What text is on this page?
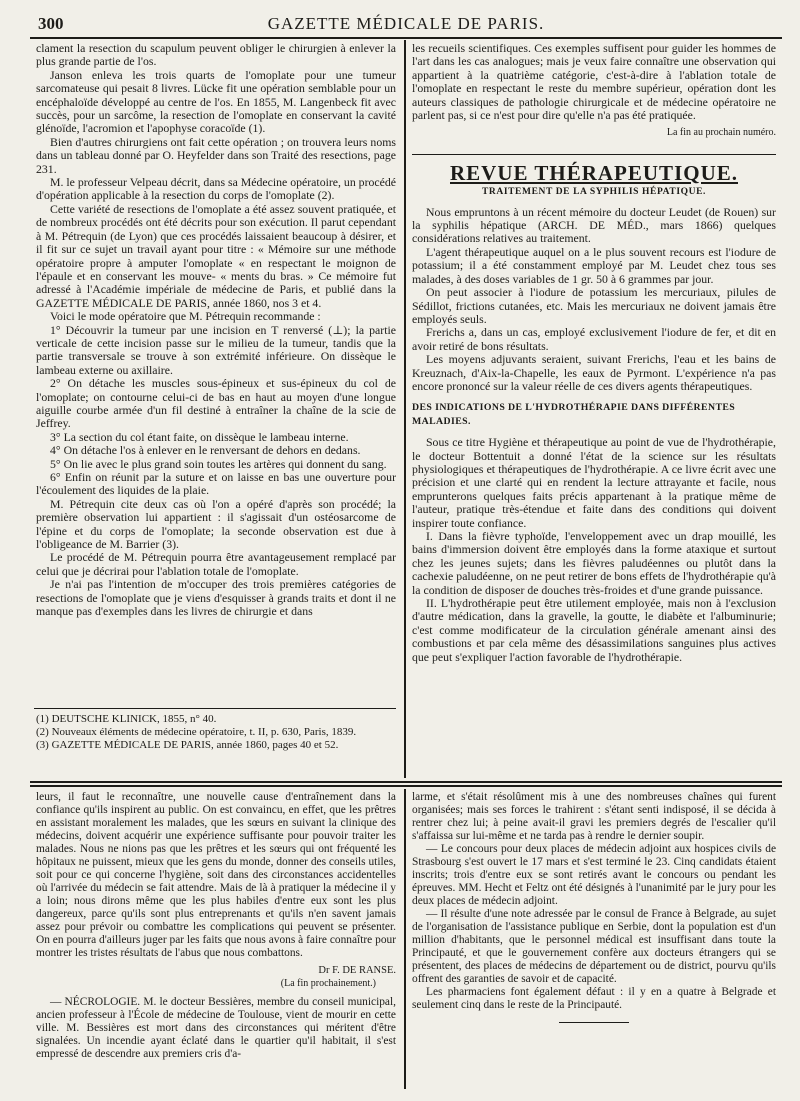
300	GAZETTE MÉDICALE DE PARIS.

clament la resection du scapulum peuvent obliger le chirurgien à enlever la plus grande partie de l'os.

Janson enleva les trois quarts de l'omoplate pour une tumeur sarcomateuse qui pesait 8 livres. Lücke fit une opération semblable pour un encéphaloïde développé au centre de l'os. En 1855, M. Langenbeck fit avec succès, pour un sarcôme, la resection de l'omoplate en conservant la cavité glénoïde, l'acromion et l'apophyse coracoïde (1).

Bien d'autres chirurgiens ont fait cette opération ; on trouvera leurs noms dans un tableau donné par O. Heyfelder dans son Traité des resections, page 231.

M. le professeur Velpeau décrit, dans sa Médecine opératoire, un procédé d'opération applicable à la resection du corps de l'omoplate (2).

Cette variété de resections de l'omoplate a été assez souvent pratiquée, et de nombreux procédés ont été décrits pour son exécution. Il parut cependant à M. Pétrequin (de Lyon) que ces procédés laissaient beaucoup à désirer, et il fit sur ce sujet un travail ayant pour titre : « Mémoire sur une méthode opératoire propre à amputer l'omoplate « en respectant le moignon de l'épaule et en conservant les mouve- « ments du bras. » Ce mémoire fut adressé à l'Académie impériale de médecine de Paris, et publié dans la GAZETTE MÉDICALE DE PARIS, année 1860, nos 3 et 4.

Voici le mode opératoire que M. Pétrequin recommande :

1° Découvrir la tumeur par une incision en T renversé (⊥); la partie verticale de cette incision passe sur le milieu de la tumeur, tandis que la partie transversale se trouve à son extrémité inférieure. On dissèque le lambeau externe ou axillaire.

2° On détache les muscles sous-épineux et sus-épineux du col de l'omoplate; on contourne celui-ci de bas en haut au moyen d'une longue aiguille courbe armée d'un fil destiné à entraîner la chaîne de la scie de Jeffrey.

3° La section du col étant faite, on dissèque le lambeau interne.

4° On détache l'os à enlever en le renversant de dehors en dedans.

5° On lie avec le plus grand soin toutes les artères qui donnent du sang.

6° Enfin on réunit par la suture et on laisse en bas une ouverture pour l'écoulement des liquides de la plaie.

M. Pétrequin cite deux cas où l'on a opéré d'après son procédé; la première observation lui appartient : il s'agissait d'un ostéosarcome de l'épine et du corps de l'omoplate; la seconde observation est due à l'obligeance de M. Barrier (3).

Le procédé de M. Pétrequin pourra être avantageusement remplacé par celui que je décrirai pour l'ablation totale de l'omoplate.

Je n'ai pas l'intention de m'occuper des trois premières catégories de resections de l'omoplate que je viens d'esquisser à grands traits et dont il ne manque pas d'exemples dans les livres de chirurgie et dans

(1) DEUTSCHE KLINICK, 1855, n° 40.

(2) Nouveaux éléments de médecine opératoire, t. II, p. 630, Paris, 1839.

(3) GAZETTE MÉDICALE DE PARIS, année 1860, pages 40 et 52.

les recueils scientifiques. Ces exemples suffisent pour guider les hommes de l'art dans les cas analogues; mais je veux faire connaître une observation qui appartient à la quatrième catégorie, c'est-à-dire à l'ablation totale de l'omoplate en respectant le reste du membre supérieur, opération dont les auteurs classiques de pathologie chirurgicale et de médecine opératoire ne parlent pas, si ce n'est pour dire qu'elle n'a pas été pratiquée.

La fin au prochain numéro.
REVUE THÉRAPEUTIQUE.
TRAITEMENT DE LA SYPHILIS HÉPATIQUE.

Nous empruntons à un récent mémoire du docteur Leudet (de Rouen) sur la syphilis hépatique (ARCH. DE MÉD., mars 1866) quelques considérations relatives au traitement.

L'agent thérapeutique auquel on a le plus souvent recours est l'iodure de potassium; il a été constamment employé par M. Leudet chez tous ses malades, à des doses variables de 1 gr. 50 à 6 grammes par jour.

On peut associer à l'iodure de potassium les mercuriaux, pilules de Sédillot, frictions cutanées, etc. Mais les mercuriaux ne doivent jamais être employés seuls.

Frerichs a, dans un cas, employé exclusivement l'iodure de fer, et dit en avoir retiré de bons résultats.

Les moyens adjuvants seraient, suivant Frerichs, l'eau et les bains de Kreuznach, d'Aix-la-Chapelle, les eaux de Pyrmont. L'expérience n'a pas encore prononcé sur la valeur réelle de ces divers agents thérapeutiques.

DES INDICATIONS DE L'HYDROTHÉRAPIE DANS DIFFÉRENTES MALADIES.

Sous ce titre Hygiène et thérapeutique au point de vue de l'hydrothérapie, le docteur Bottentuit a donné l'état de la science sur les résultats physiologiques et thérapeutiques de l'hydrothérapie. A ce livre écrit avec une précision et une clarté qui en rendent la lecture attrayante et facile, nous emprunterons quelques faits précis appartenant à la pratique même de l'auteur, pratique très-étendue et faite dans des conditions qui doivent inspirer toute confiance.

I. Dans la fièvre typhoïde, l'enveloppement avec un drap mouillé, les bains d'immersion doivent être employés dans la forme ataxique et surtout chez les jeunes sujets; dans les fièvres paludéennes ou plutôt dans la cachexie paludéenne, on ne peut retirer de bons effets de l'hydrothérapie qu'à la condition de disposer de douches très-froides et d'une grande puissance.

II. L'hydrothérapie peut être utilement employée, mais non à l'exclusion d'autre médication, dans la gravelle, la goutte, le diabète et l'albuminurie; c'est comme modificateur de la circulation générale amenant ainsi des combustions et par cela même des désassimilations sanguines plus actives que peut s'expliquer l'action favorable de l'hydrothérapie.

leurs, il faut le reconnaître, une nouvelle cause d'entraînement dans la confiance qu'ils inspirent au public. On est convaincu, en effet, que les prêtres en assistant moralement les malades, que les sœurs en suivant la clinique des médecins, doivent acquérir une expérience suffisante pour pouvoir traiter les malades. Nous ne nions pas que les prêtres et les sœurs qui ont fréquenté les hôpitaux ne puissent, mieux que les gens du monde, donner des conseils utiles, soit pour ce qui concerne l'hygiène, soit dans des circonstances accidentelles où l'arrivée du médecin se fait attendre. Mais de là à pratiquer la médecine il y a loin; nous dirons même que les plus habiles d'entre eux sont les plus dangereux, parce qu'ils sont plus entreprenants et qu'ils n'en savent jamais assez pour prévoir ou combattre les complications qui peuvent se présenter. On en pourra d'ailleurs juger par les faits que nous avons à faire connaître pour montrer les tristes résultats de l'abus que nous combattons.

Dr F. DE RANSE.
(La fin prochainement.)

— NÉCROLOGIE. M. le docteur Bessières, membre du conseil municipal, ancien professeur à l'École de médecine de Toulouse, vient de mourir en cette ville. M. Bessières est mort dans des circonstances qui méritent d'être signalées. Un incendie ayant éclaté dans le quartier qu'il habitait, il s'est empressé de descendre aux premiers cris d'a-

larme, et s'était résolûment mis à une des nombreuses chaînes qui furent organisées; mais ses forces le trahirent : s'étant senti indisposé, il se décida à rentrer chez lui; à peine avait-il gravi les premiers degrés de l'escalier qu'il s'affaissa sur lui-même et ne tarda pas à rendre le dernier soupir.

— Le concours pour deux places de médecin adjoint aux hospices civils de Strasbourg s'est ouvert le 17 mars et s'est terminé le 23. Cinq candidats étaient inscrits; trois d'entre eux se sont retirés avant le concours ou pendant les épreuves. MM. Hecht et Feltz ont été désignés à l'unanimité par le jury pour les deux places de médecin adjoint.

— Il résulte d'une note adressée par le consul de France à Belgrade, au sujet de l'organisation de l'assistance publique en Serbie, dont la population est d'un million d'habitants, que le personnel médical est insuffisant dans toute la Principauté, et que le gouvernement confère aux docteurs étrangers qui se présentent, des places de médecins de département ou de district, pourvu qu'ils offrent des garanties de savoir et de capacité.

Les pharmaciens font également défaut : il y en a quatre à Belgrade et seulement cinq dans le reste de la Principauté.
